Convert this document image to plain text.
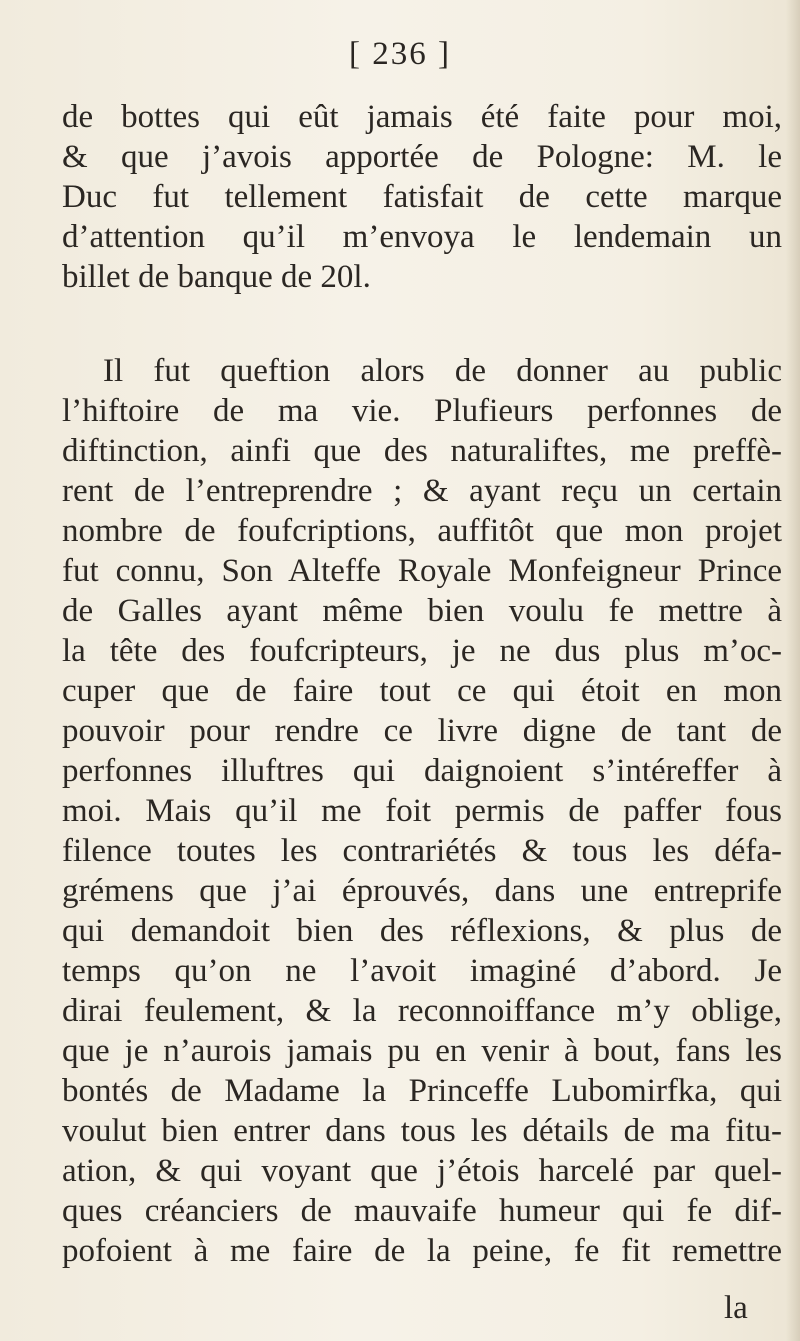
[ 236 ]
de bottes qui eût jamais été faite pour moi,
& que j’avois apportée de Pologne: M. le
Duc fut tellement fatisfait de cette marque
d’attention qu’il m’envoya le lendemain un
billet de banque de 20l.
Il fut queftion alors de donner au public
l’hiftoire de ma vie. Plufieurs perfonnes de
diftinction, ainfi que des naturaliftes, me preffè-
rent de l’entreprendre ; & ayant reçu un certain
nombre de foufcriptions, auffitôt que mon projet
fut connu, Son Alteffe Royale Monfeigneur Prince
de Galles ayant même bien voulu fe mettre à
la tête des foufcripteurs, je ne dus plus m’oc-
cuper que de faire tout ce qui étoit en mon
pouvoir pour rendre ce livre digne de tant de
perfonnes illuftres qui daignoient s’intéreffer à
moi. Mais qu’il me foit permis de paffer fous
filence toutes les contrariétés & tous les défa-
grémens que j’ai éprouvés, dans une entreprife
qui demandoit bien des réflexions, & plus de
temps qu’on ne l’avoit imaginé d’abord. Je
dirai feulement, & la reconnoiffance m’y oblige,
que je n’aurois jamais pu en venir à bout, fans les
bontés de Madame la Princeffe Lubomirfka, qui
voulut bien entrer dans tous les détails de ma fitu-
ation, & qui voyant que j’étois harcelé par quel-
ques créanciers de mauvaife humeur qui fe dif-
pofoient à me faire de la peine, fe fit remettre
la
